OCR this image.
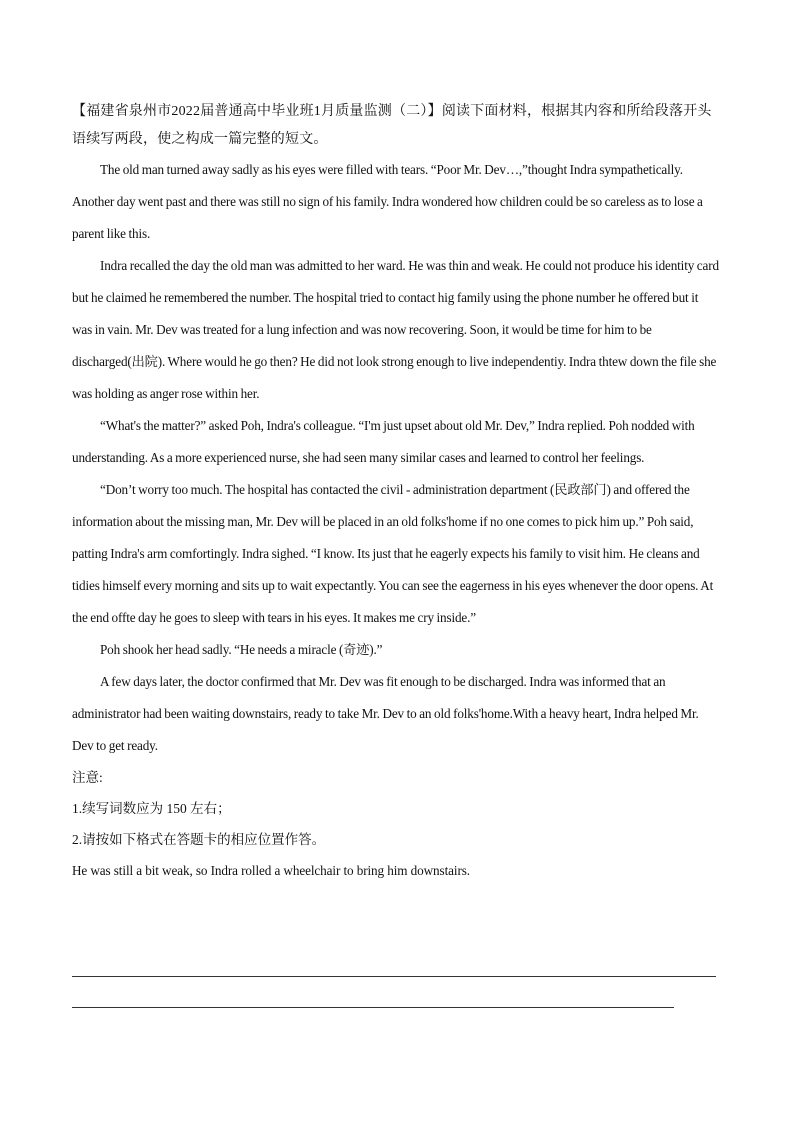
【福建省泉州市2022届普通高中毕业班1月质量监测（二）】阅读下面材料，根据其内容和所给段落开头语续写两段，使之构成一篇完整的短文。

The old man turned away sadly as his eyes were filled with tears. “Poor Mr. Dev…,”thought Indra sympathetically. Another day went past and there was still no sign of his family. Indra wondered how children could be so careless as to lose a parent like this.

Indra recalled the day the old man was admitted to her ward. He was thin and weak. He could not produce his identity card but he claimed he remembered the number. The hospital tried to contact hig family using the phone number he offered but it was in vain. Mr. Dev was treated for a lung infection and was now recovering. Soon, it would be time for him to be discharged(出院). Where would he go then? He did not look strong enough to live independentiy. Indra thtew down the file she was holding as anger rose within her.

“What's the matter?” asked Poh, Indra's colleague. “I'm just upset about old Mr. Dev,” Indra replied. Poh nodded with understanding. As a more experienced nurse, she had seen many similar cases and learned to control her feelings.

“Don’t worry too much. The hospital has contacted the civil - administration department (民政部门) and offered the information about the missing man, Mr. Dev will be placed in an old folks'home if no one comes to pick him up.” Poh said, patting Indra's arm comfortingly. Indra sighed. “I know. Its just that he eagerly expects his family to visit him. He cleans and tidies himself every morning and sits up to wait expectantly. You can see the eagerness in his eyes whenever the door opens. At the end offte day he goes to sleep with tears in his eyes. It makes me cry inside.”

Poh shook her head sadly. “He needs a miracle (奇迹).”

A few days later, the doctor confirmed that Mr. Dev was fit enough to be discharged. Indra was informed that an administrator had been waiting downstairs, ready to take Mr. Dev to an old folks'home.With a heavy heart, Indra helped Mr. Dev to get ready.

注意:

1.续写词数应为 150 左右；

2.请按如下格式在答题卡的相应位置作答。

He was still a bit weak, so Indra rolled a wheelchair to bring him downstairs.
